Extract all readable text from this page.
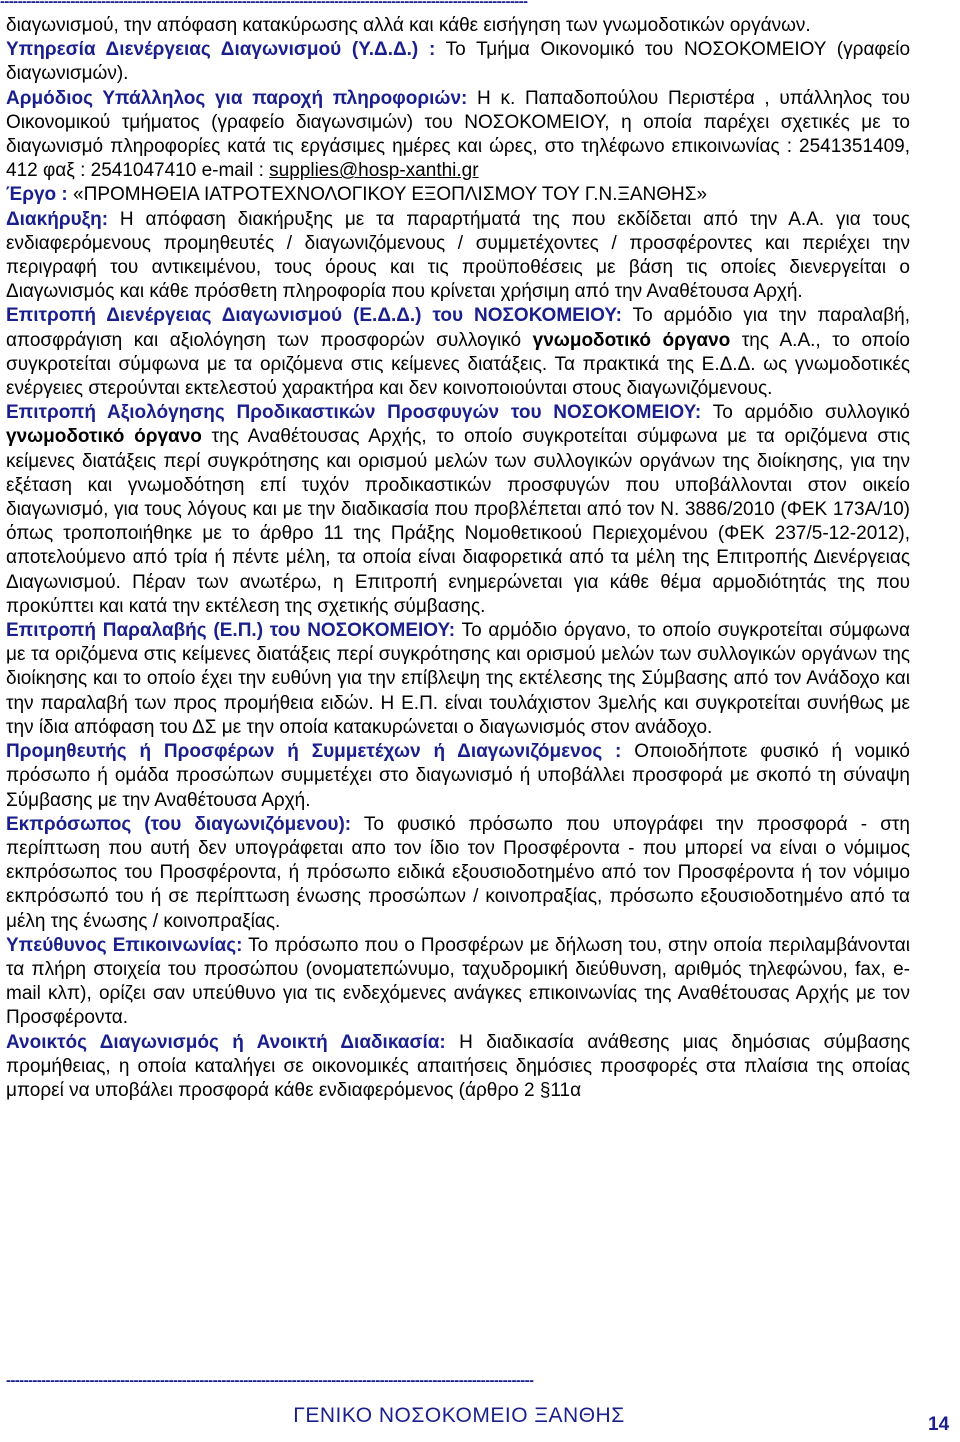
------------------------------------------------------------------------------------------------------------------------

διαγωνισμού, την απόφαση κατακύρωσης αλλά και κάθε εισήγηση των γνωμοδοτικών οργάνων.

Υπηρεσία Διενέργειας Διαγωνισμού (Υ.Δ.Δ.) : Το Τμήμα Οικονομικό του ΝΟΣΟΚΟΜΕΙΟΥ (γραφείο διαγωνισμών).

Αρμόδιος Υπάλληλος για παροχή πληροφοριών: Η κ. Παπαδοπούλου Περιστέρα , υπάλληλος του Οικονομικού τμήματος (γραφείο διαγωνσιμών) του ΝΟΣΟΚΟΜΕΙΟΥ, η οποία παρέχει σχετικές με το διαγωνισμό πληροφορίες κατά τις εργάσιμες ημέρες και ώρες, στο τηλέφωνο επικοινωνίας : 2541351409, 412 φαξ : 2541047410 e-mail : supplies@hosp-xanthi.gr

Έργο : «ΠΡΟΜΗΘΕΙΑ ΙΑΤΡΟΤΕΧΝΟΛΟΓΙΚΟΥ ΕΞΟΠΛΙΣΜΟΥ ΤΟΥ Γ.Ν.ΞΑΝΘΗΣ»

Διακήρυξη: Η απόφαση διακήρυξης με τα παραρτήματά της που εκδίδεται από την Α.Α. για τους ενδιαφερόμενους προμηθευτές / διαγωνιζόμενους / συμμετέχοντες / προσφέροντες και περιέχει την περιγραφή του αντικειμένου, τους όρους και τις προϋποθέσεις με βάση τις οποίες διενεργείται ο Διαγωνισμός και κάθε πρόσθετη πληροφορία που κρίνεται χρήσιμη από την Αναθέτουσα Αρχή.

Επιτροπή Διενέργειας Διαγωνισμού (Ε.Δ.Δ.) του ΝΟΣΟΚΟΜΕΙΟΥ: Το αρμόδιο για την παραλαβή, αποσφράγιση και αξιολόγηση των προσφορών συλλογικό γνωμοδοτικό όργανο της Α.Α., το οποίο συγκροτείται σύμφωνα με τα οριζόμενα στις κείμενες διατάξεις. Τα πρακτικά της Ε.Δ.Δ. ως γνωμοδοτικές ενέργειες στερούνται εκτελεστού χαρακτήρα και δεν κοινοποιούνται στους διαγωνιζόμενους.

Επιτροπή Αξιολόγησης Προδικαστικών Προσφυγών του ΝΟΣΟΚΟΜΕΙΟΥ: Το αρμόδιο συλλογικό γνωμοδοτικό όργανο της Αναθέτουσας Αρχής, το οποίο συγκροτείται σύμφωνα με τα οριζόμενα στις κείμενες διατάξεις περί συγκρότησης και ορισμού μελών των συλλογικών οργάνων της διοίκησης, για την εξέταση και γνωμοδότηση επί τυχόν προδικαστικών προσφυγών που υποβάλλονται στον οικείο διαγωνισμό, για τους λόγους και με την διαδικασία που προβλέπεται από τον Ν. 3886/2010 (ΦΕΚ 173Α/10) όπως τροποποιήθηκε με το άρθρο 11 της Πράξης Νομοθετικοού Περιεχομένου (ΦΕΚ 237/5-12-2012), αποτελούμενο από τρία ή πέντε μέλη, τα οποία είναι διαφορετικά από τα μέλη της Επιτροπής Διενέργειας Διαγωνισμού. Πέραν των ανωτέρω, η Επιτροπή ενημερώνεται για κάθε θέμα αρμοδιότητάς της που προκύπτει και κατά την εκτέλεση της σχετικής σύμβασης.

Επιτροπή Παραλαβής (Ε.Π.) του ΝΟΣΟΚΟΜΕΙΟΥ: Το αρμόδιο όργανο, το οποίο συγκροτείται σύμφωνα με τα οριζόμενα στις κείμενες διατάξεις περί συγκρότησης και ορισμού μελών των συλλογικών οργάνων της διοίκησης και το οποίο έχει την ευθύνη για την επίβλεψη της εκτέλεσης της Σύμβασης από τον Ανάδοχο και την παραλαβή των προς προμήθεια ειδών. Η Ε.Π. είναι τουλάχιστον 3μελής και συγκροτείται συνήθως με την ίδια απόφαση του ΔΣ με την οποία κατακυρώνεται ο διαγωνισμός στον ανάδοχο.

Προμηθευτής ή Προσφέρων ή Συμμετέχων ή Διαγωνιζόμενος : Οποιοδήποτε φυσικό ή νομικό πρόσωπο ή ομάδα προσώπων συμμετέχει στο διαγωνισμό ή υποβάλλει προσφορά με σκοπό τη σύναψη Σύμβασης με την Αναθέτουσα Αρχή.

Εκπρόσωπος (του διαγωνιζόμενου): Το φυσικό πρόσωπο που υπογράφει την προσφορά - στη περίπτωση που αυτή δεν υπογράφεται απο τον ίδιο τον Προσφέροντα - που μπορεί να είναι ο νόμιμος εκπρόσωπος του Προσφέροντα, ή πρόσωπο ειδικά εξουσιοδοτημένο από τον Προσφέροντα ή τον νόμιμο εκπρόσωπό του ή σε περίπτωση ένωσης προσώπων / κοινοπραξίας, πρόσωπο εξουσιοδοτημένο από τα μέλη της ένωσης / κοινοπραξίας.

Υπεύθυνος Επικοινωνίας: Το πρόσωπο που ο Προσφέρων με δήλωση του, στην οποία περιλαμβάνονται τα πλήρη στοιχεία του προσώπου (ονοματεπώνυμο, ταχυδρομική διεύθυνση, αριθμός τηλεφώνου, fax, e-mail κλπ), ορίζει σαν υπεύθυνο για τις ενδεχόμενες ανάγκες επικοινωνίας της Αναθέτουσας Αρχής με τον Προσφέροντα.

Ανοικτός Διαγωνισμός ή Ανοικτή Διαδικασία: Η διαδικασία ανάθεσης μιας δημόσιας σύμβασης προμήθειας, η οποία καταλήγει σε οικονομικές απαιτήσεις δημόσιες προσφορές στα πλαίσια της οποίας μπορεί να υποβάλει προσφορά κάθε ενδιαφερόμενος (άρθρο 2 §11α

------------------------------------------------------------------------------------------------------------------------
ΓΕΝΙΚΟ ΝΟΣΟΚΟΜΕΙΟ ΞΑΝΘΗΣ	14
